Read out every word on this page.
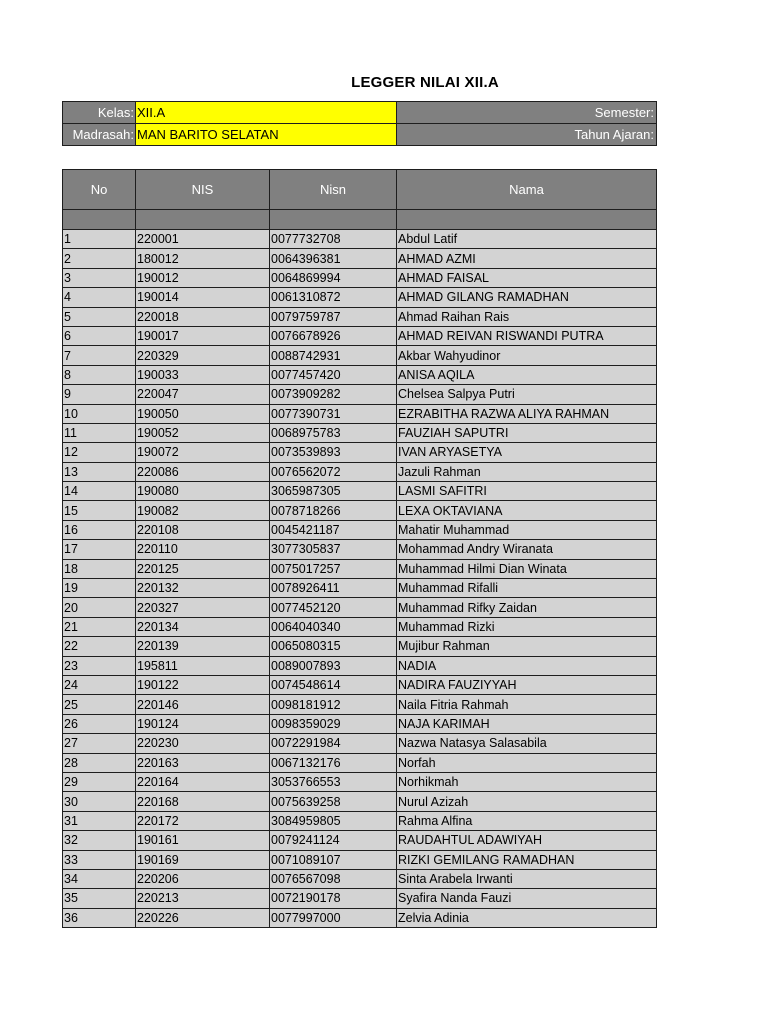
LEGGER NILAI XII.A
Kelas:	XII.A	Semester:
Madrasah:	MAN BARITO SELATAN	Tahun Ajaran:
No	NIS	Nisn	Nama

1	220001	0077732708	Abdul Latif
2	180012	0064396381	AHMAD AZMI
3	190012	0064869994	AHMAD FAISAL
4	190014	0061310872	AHMAD GILANG RAMADHAN
5	220018	0079759787	Ahmad Raihan Rais
6	190017	0076678926	AHMAD REIVAN RISWANDI PUTRA
7	220329	0088742931	Akbar Wahyudinor
8	190033	0077457420	ANISA AQILA
9	220047	0073909282	Chelsea Salpya Putri
10	190050	0077390731	EZRABITHA RAZWA ALIYA RAHMAN
11	190052	0068975783	FAUZIAH SAPUTRI
12	190072	0073539893	IVAN ARYASETYA
13	220086	0076562072	Jazuli Rahman
14	190080	3065987305	LASMI SAFITRI
15	190082	0078718266	LEXA OKTAVIANA
16	220108	0045421187	Mahatir Muhammad
17	220110	3077305837	Mohammad Andry Wiranata
18	220125	0075017257	Muhammad Hilmi Dian Winata
19	220132	0078926411	Muhammad Rifalli
20	220327	0077452120	Muhammad Rifky Zaidan
21	220134	0064040340	Muhammad Rizki
22	220139	0065080315	Mujibur Rahman
23	195811	0089007893	NADIA
24	190122	0074548614	NADIRA FAUZIYYAH
25	220146	0098181912	Naila Fitria Rahmah
26	190124	0098359029	NAJA KARIMAH
27	220230	0072291984	Nazwa Natasya Salasabila
28	220163	0067132176	Norfah
29	220164	3053766553	Norhikmah
30	220168	0075639258	Nurul Azizah
31	220172	3084959805	Rahma Alfina
32	190161	0079241124	RAUDAHTUL ADAWIYAH
33	190169	0071089107	RIZKI GEMILANG RAMADHAN
34	220206	0076567098	Sinta Arabela Irwanti
35	220213	0072190178	Syafira Nanda Fauzi
36	220226	0077997000	Zelvia Adinia
